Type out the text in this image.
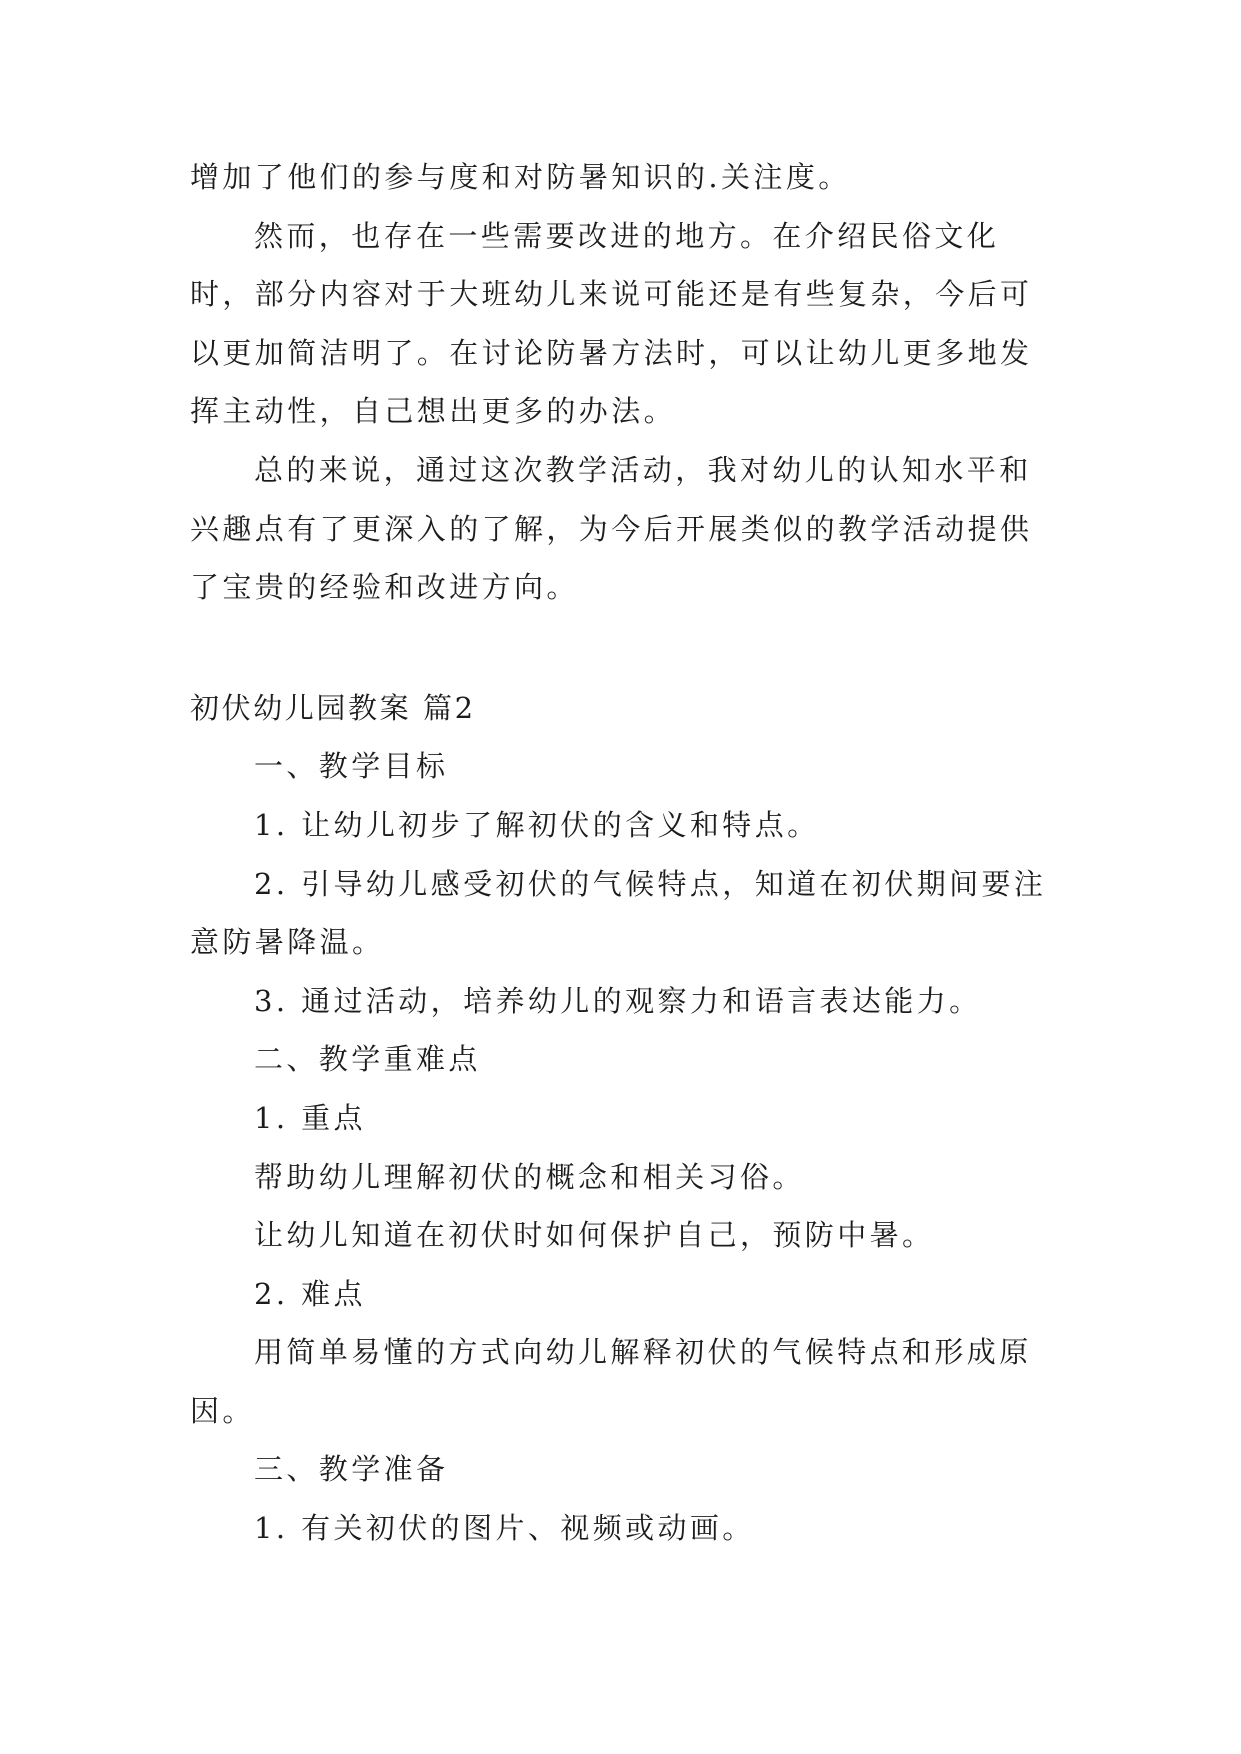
增加了他们的参与度和对防暑知识的.关注度。

然而，也存在一些需要改进的地方。在介绍民俗文化时，部分内容对于大班幼儿来说可能还是有些复杂，今后可以更加简洁明了。在讨论防暑方法时，可以让幼儿更多地发挥主动性，自己想出更多的办法。

总的来说，通过这次教学活动，我对幼儿的认知水平和兴趣点有了更深入的了解，为今后开展类似的教学活动提供了宝贵的经验和改进方向。

初伏幼儿园教案 篇2

一、教学目标

1. 让幼儿初步了解初伏的含义和特点。

2. 引导幼儿感受初伏的气候特点，知道在初伏期间要注意防暑降温。

3. 通过活动，培养幼儿的观察力和语言表达能力。

二、教学重难点

1. 重点

帮助幼儿理解初伏的概念和相关习俗。

让幼儿知道在初伏时如何保护自己，预防中暑。

2. 难点

用简单易懂的方式向幼儿解释初伏的气候特点和形成原因。

三、教学准备

1. 有关初伏的图片、视频或动画。
